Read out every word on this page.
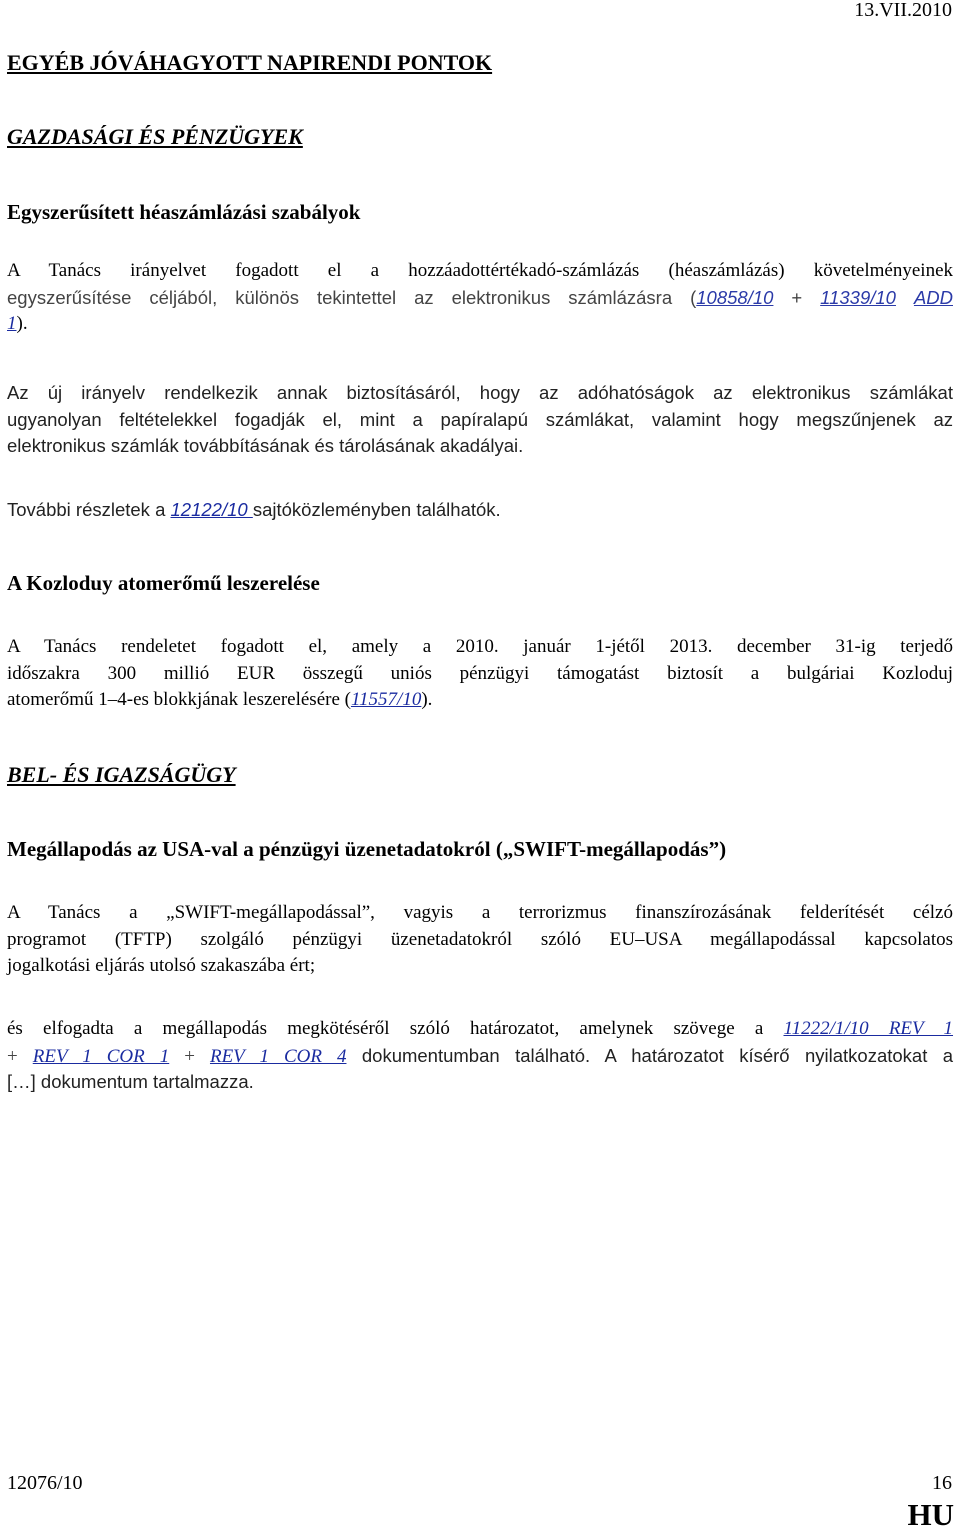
13.VII.2010
EGYÉB JÓVÁHAGYOTT NAPIRENDI PONTOK
GAZDASÁGI ÉS PÉNZÜGYEK
Egyszerűsített héaszámlázási szabályok
A Tanács irányelvet fogadott el a hozzáadottértékadó-számlázás (héaszámlázás) követelményeinek
egyszerűsítése céljából, különös tekintettel az elektronikus számlázásra (10858/10 + 11339/10 ADD
1).
Az új irányelv rendelkezik annak biztosításáról, hogy az adóhatóságok az elektronikus számlákat
ugyanolyan feltételekkel fogadják el, mint a papíralapú számlákat, valamint hogy megszűnjenek az
elektronikus számlák továbbításának és tárolásának akadályai.
További részletek a 12122/10 sajtóközleményben találhatók.
A Kozloduy atomerőmű leszerelése
A Tanács rendeletet fogadott el, amely a 2010. január 1-jétől 2013. december 31-ig terjedő
időszakra 300 millió EUR összegű uniós pénzügyi támogatást biztosít a bulgáriai Kozloduj
atomerőmű 1–4-es blokkjának leszerelésére (11557/10).
BEL- ÉS IGAZSÁGÜGY
Megállapodás az USA-val a pénzügyi üzenetadatokról („SWIFT-megállapodás”)
A Tanács a „SWIFT-megállapodással”, vagyis a terrorizmus finanszírozásának felderítését célzó
programot (TFTP) szolgáló pénzügyi üzenetadatokról szóló EU–USA megállapodással kapcsolatos
jogalkotási eljárás utolsó szakaszába ért;
és elfogadta a megállapodás megkötéséről szóló határozatot, amelynek szövege a 11222/1/10 REV 1
+ REV 1 COR 1 + REV 1 COR 4 dokumentumban található. A határozatot kísérő nyilatkozatokat a
[…] dokumentum tartalmazza.
12076/10	16
HU
